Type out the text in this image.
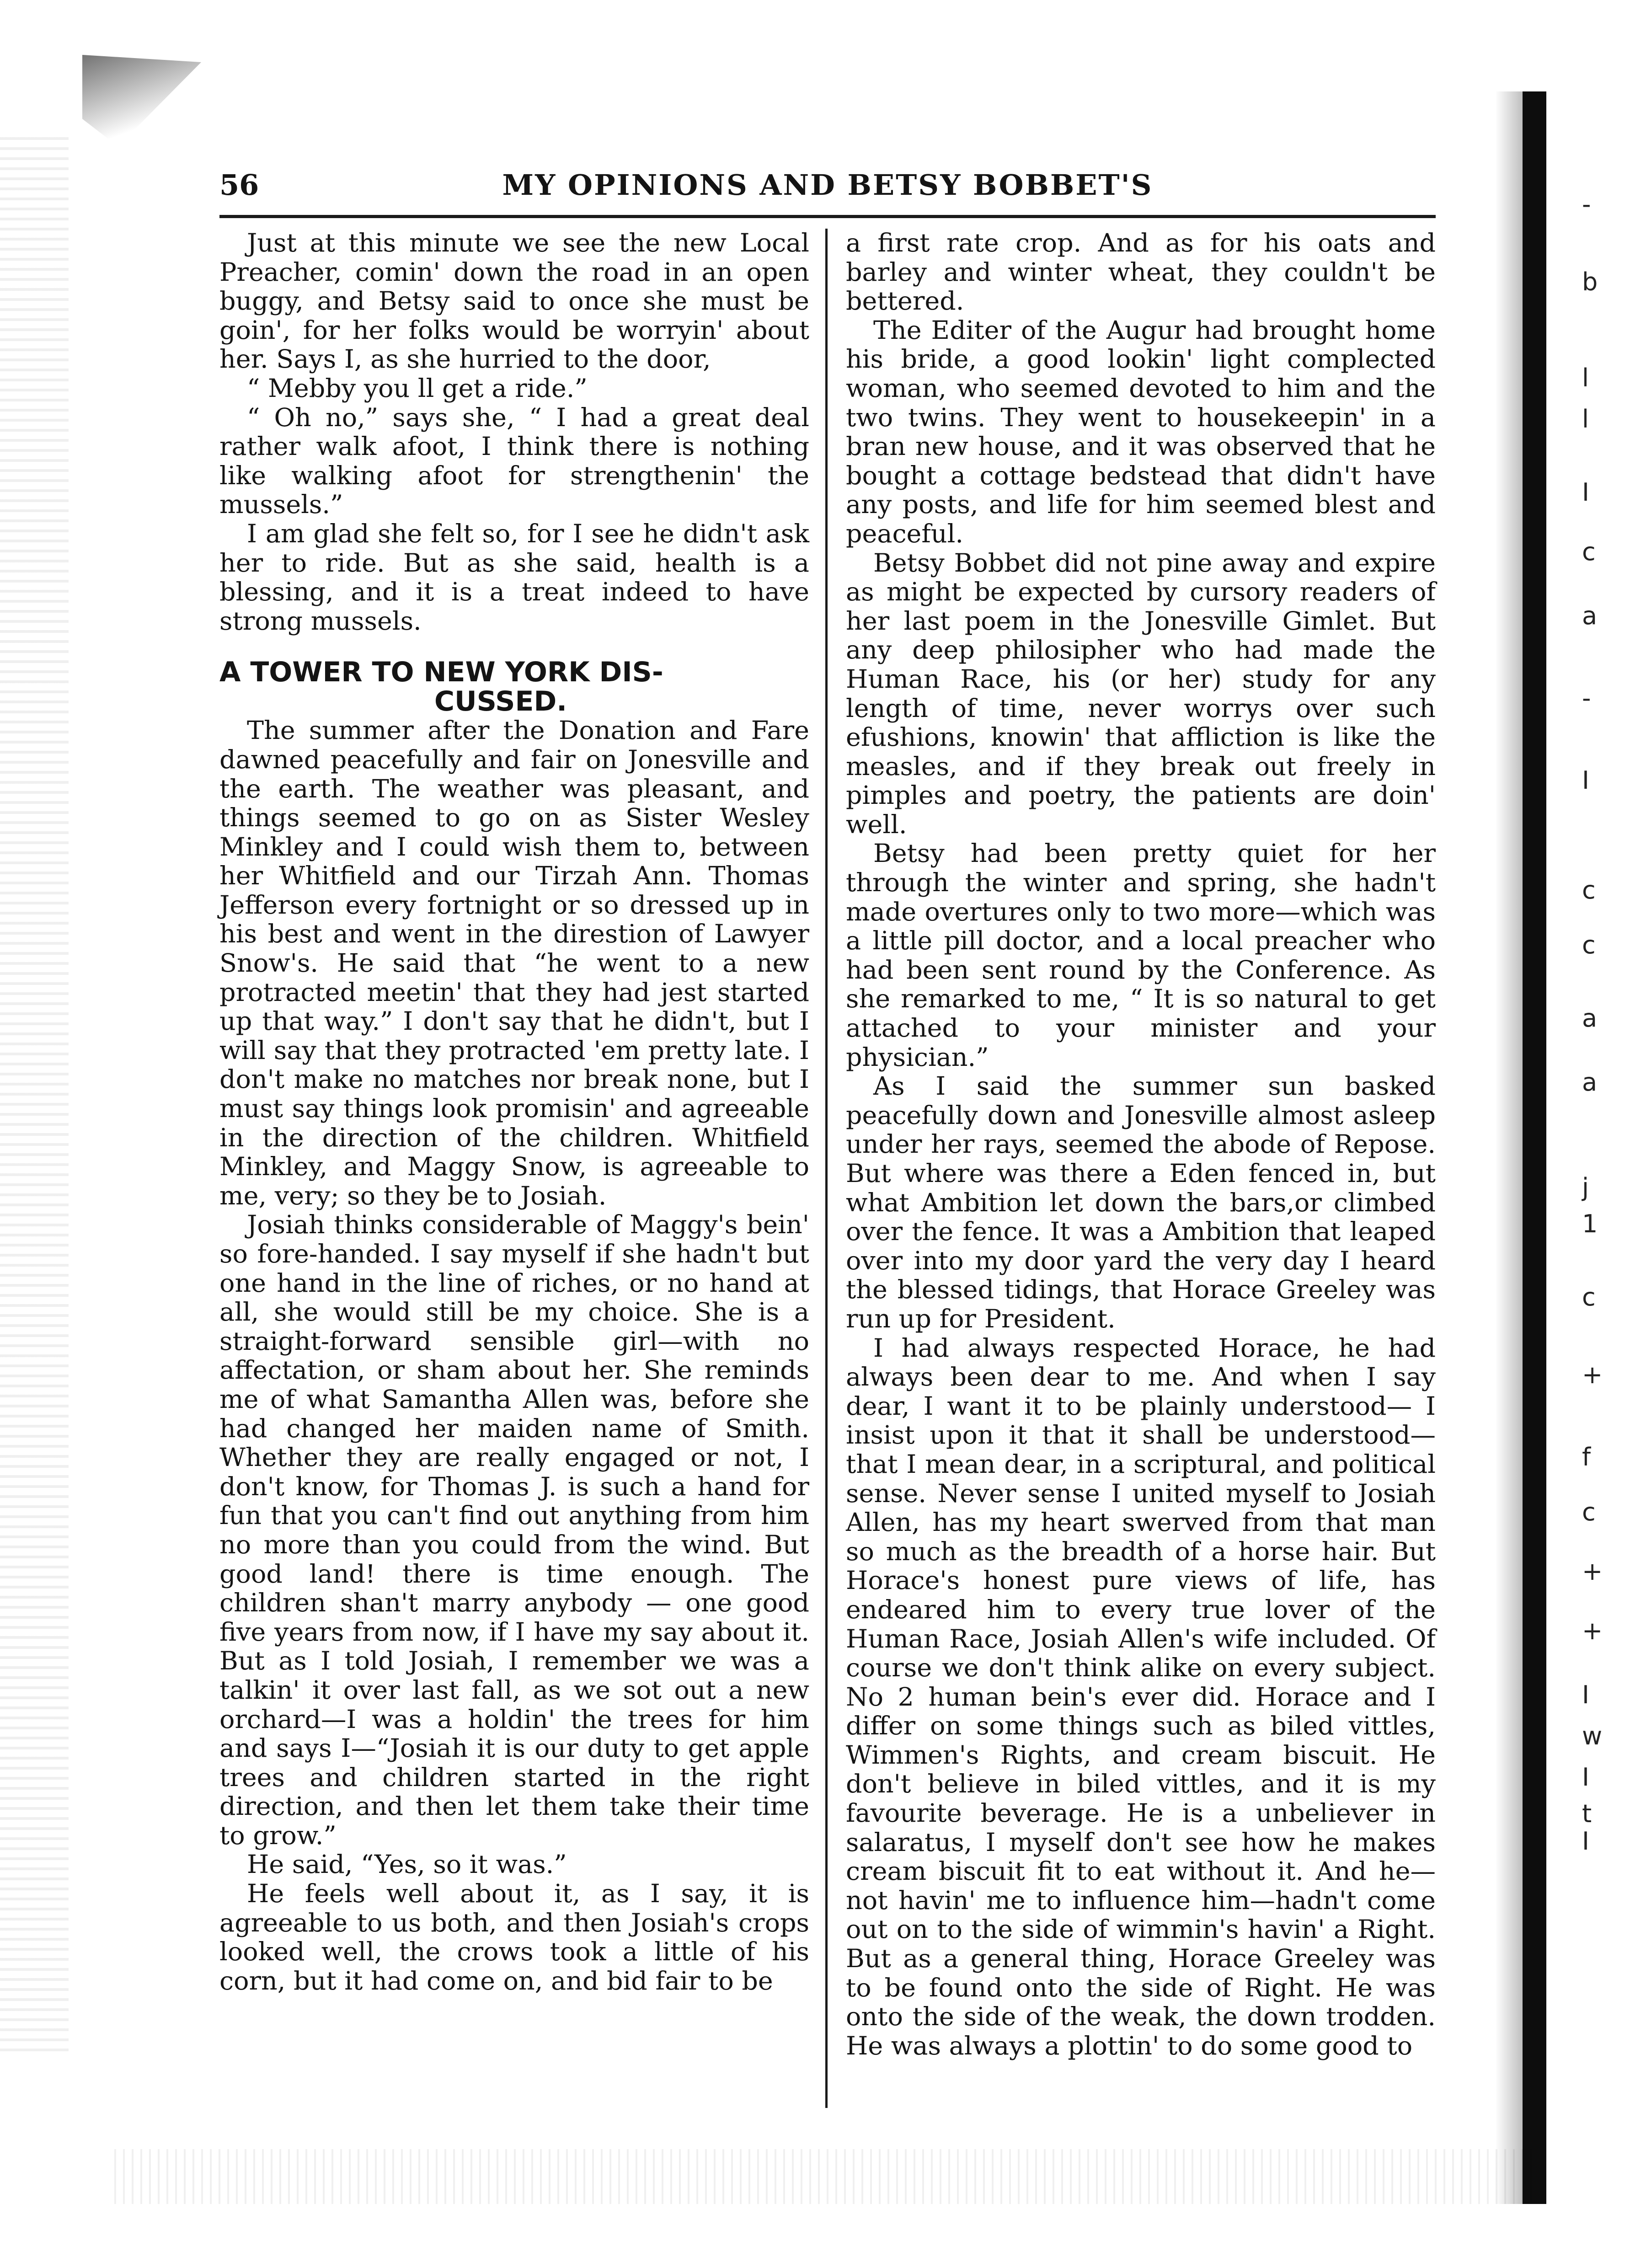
-
b
l
l
I
c
a
-
I
c
c
a
a
j
1
c
+
f
c
+
+
I
w
I
t
I
56	MY OPINIONS AND BETSY BOBBET'S

Just at this minute we see the new Local Preacher, comin' down the road in an open buggy, and Betsy said to once she must be goin', for her folks would be worryin' about her. Says I, as she hurried to the door,

“ Mebby you ll get a ride.”

“ Oh no,” says she, “ I had a great deal rather walk afoot, I think there is nothing like walking afoot for strengthenin' the mussels.”

I am glad she felt so, for I see he didn't ask her to ride. But as she said, health is a blessing, and it is a treat indeed to have strong mussels.

A TOWER TO NEW YORK DIS-
CUSSED.

The summer after the Donation and Fare dawned peacefully and fair on Jonesville and the earth. The weather was pleasant, and things seemed to go on as Sister Wesley Minkley and I could wish them to, between her Whitfield and our Tirzah Ann. Thomas Jefferson every fortnight or so dressed up in his best and went in the direstion of Lawyer Snow's. He said that “he went to a new protracted meetin' that they had jest started up that way.” I don't say that he didn't, but I will say that they protracted 'em pretty late. I don't make no matches nor break none, but I must say things look promisin' and agreeable in the direction of the children. Whitfield Minkley, and Maggy Snow, is agreeable to me, very; so they be to Josiah.

Josiah thinks considerable of Maggy's bein' so fore-handed. I say myself if she hadn't but one hand in the line of riches, or no hand at all, she would still be my choice. She is a straight-forward sensible girl—with no affectation, or sham about her. She reminds me of what Samantha Allen was, before she had changed her maiden name of Smith. Whether they are really engaged or not, I don't know, for Thomas J. is such a hand for fun that you can't find out anything from him no more than you could from the wind. But good land! there is time enough. The children shan't marry anybody — one good five years from now, if I have my say about it. But as I told Josiah, I remember we was a talkin' it over last fall, as we sot out a new orchard—I was a holdin' the trees for him and says I—“Josiah it is our duty to get apple trees and children started in the right direction, and then let them take their time to grow.”

He said, “Yes, so it was.”

He feels well about it, as I say, it is agreeable to us both, and then Josiah's crops looked well, the crows took a little of his corn, but it had come on, and bid fair to be

a first rate crop. And as for his oats and barley and winter wheat, they couldn't be bettered.

The Editer of the Augur had brought home his bride, a good lookin' light complected woman, who seemed devoted to him and the two twins. They went to housekeepin' in a bran new house, and it was observed that he bought a cottage bedstead that didn't have any posts, and life for him seemed blest and peaceful.

Betsy Bobbet did not pine away and expire as might be expected by cursory readers of her last poem in the Jonesville Gimlet. But any deep philosipher who had made the Human Race, his (or her) study for any length of time, never worrys over such efushions, knowin' that affliction is like the measles, and if they break out freely in pimples and poetry, the patients are doin' well.

Betsy had been pretty quiet for her through the winter and spring, she hadn't made overtures only to two more—which was a little pill doctor, and a local preacher who had been sent round by the Conference. As she remarked to me, “ It is so natural to get attached to your minister and your physician.”

As I said the summer sun basked peacefully down and Jonesville almost asleep under her rays, seemed the abode of Repose. But where was there a Eden fenced in, but what Ambition let down the bars,or climbed over the fence. It was a Ambition that leaped over into my door yard the very day I heard the blessed tidings, that Horace Greeley was run up for President.

I had always respected Horace, he had always been dear to me. And when I say dear, I want it to be plainly understood— I insist upon it that it shall be understood—that I mean dear, in a scriptural, and political sense. Never sense I united myself to Josiah Allen, has my heart swerved from that man so much as the breadth of a horse hair. But Horace's honest pure views of life, has endeared him to every true lover of the Human Race, Josiah Allen's wife included. Of course we don't think alike on every subject. No 2 human bein's ever did. Horace and I differ on some things such as biled vittles, Wimmen's Rights, and cream biscuit. He don't believe in biled vittles, and it is my favourite beverage. He is a unbeliever in salaratus, I myself don't see how he makes cream biscuit fit to eat without it. And he—not havin' me to influence him—hadn't come out on to the side of wimmin's havin' a Right. But as a general thing, Horace Greeley was to be found onto the side of Right. He was onto the side of the weak, the down trodden. He was always a plottin' to do some good to
